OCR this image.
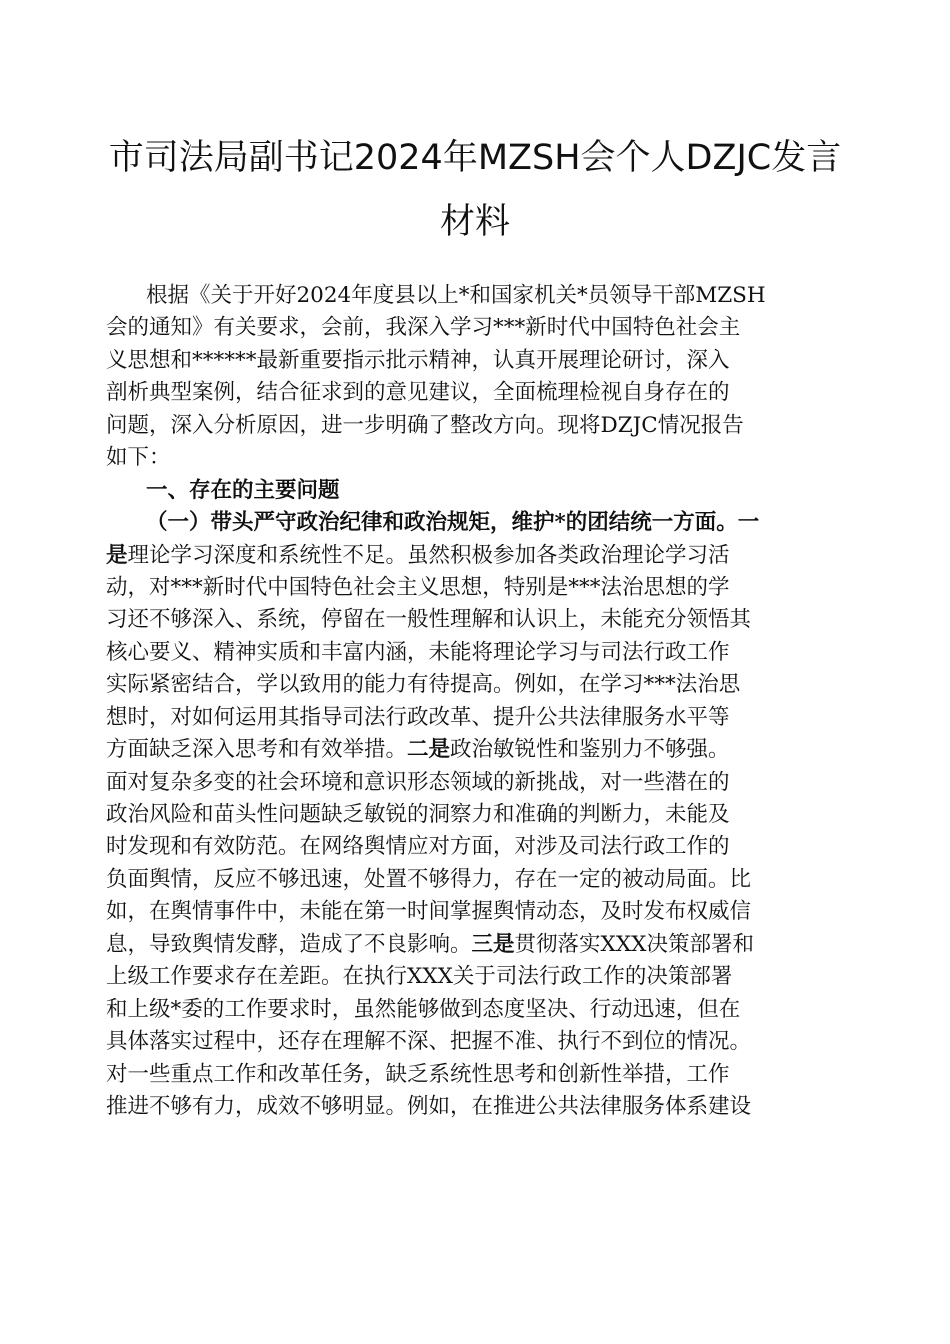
市司法局副书记2024年MZSH会个人DZJC发言
材料
根据《关于开好2024年度县以上*和国家机关*员领导干部MZSH
会的通知》有关要求，会前，我深入学习***新时代中国特色社会主
义思想和******最新重要指示批示精神，认真开展理论研讨，深入
剖析典型案例，结合征求到的意见建议，全面梳理检视自身存在的
问题，深入分析原因，进一步明确了整改方向。现将DZJC情况报告
如下：
一、存在的主要问题
（一）带头严守政治纪律和政治规矩，维护*的团结统一方面。一
是理论学习深度和系统性不足。虽然积极参加各类政治理论学习活
动，对***新时代中国特色社会主义思想，特别是***法治思想的学
习还不够深入、系统，停留在一般性理解和认识上，未能充分领悟其
核心要义、精神实质和丰富内涵，未能将理论学习与司法行政工作
实际紧密结合，学以致用的能力有待提高。例如，在学习***法治思
想时，对如何运用其指导司法行政改革、提升公共法律服务水平等
方面缺乏深入思考和有效举措。二是政治敏锐性和鉴别力不够强。
面对复杂多变的社会环境和意识形态领域的新挑战，对一些潜在的
政治风险和苗头性问题缺乏敏锐的洞察力和准确的判断力，未能及
时发现和有效防范。在网络舆情应对方面，对涉及司法行政工作的
负面舆情，反应不够迅速，处置不够得力，存在一定的被动局面。比
如，在舆情事件中，未能在第一时间掌握舆情动态，及时发布权威信
息，导致舆情发酵，造成了不良影响。三是贯彻落实XXX决策部署和
上级工作要求存在差距。在执行XXX关于司法行政工作的决策部署
和上级*委的工作要求时，虽然能够做到态度坚决、行动迅速，但在
具体落实过程中，还存在理解不深、把握不准、执行不到位的情况。
对一些重点工作和改革任务，缺乏系统性思考和创新性举措，工作
推进不够有力，成效不够明显。例如，在推进公共法律服务体系建设
